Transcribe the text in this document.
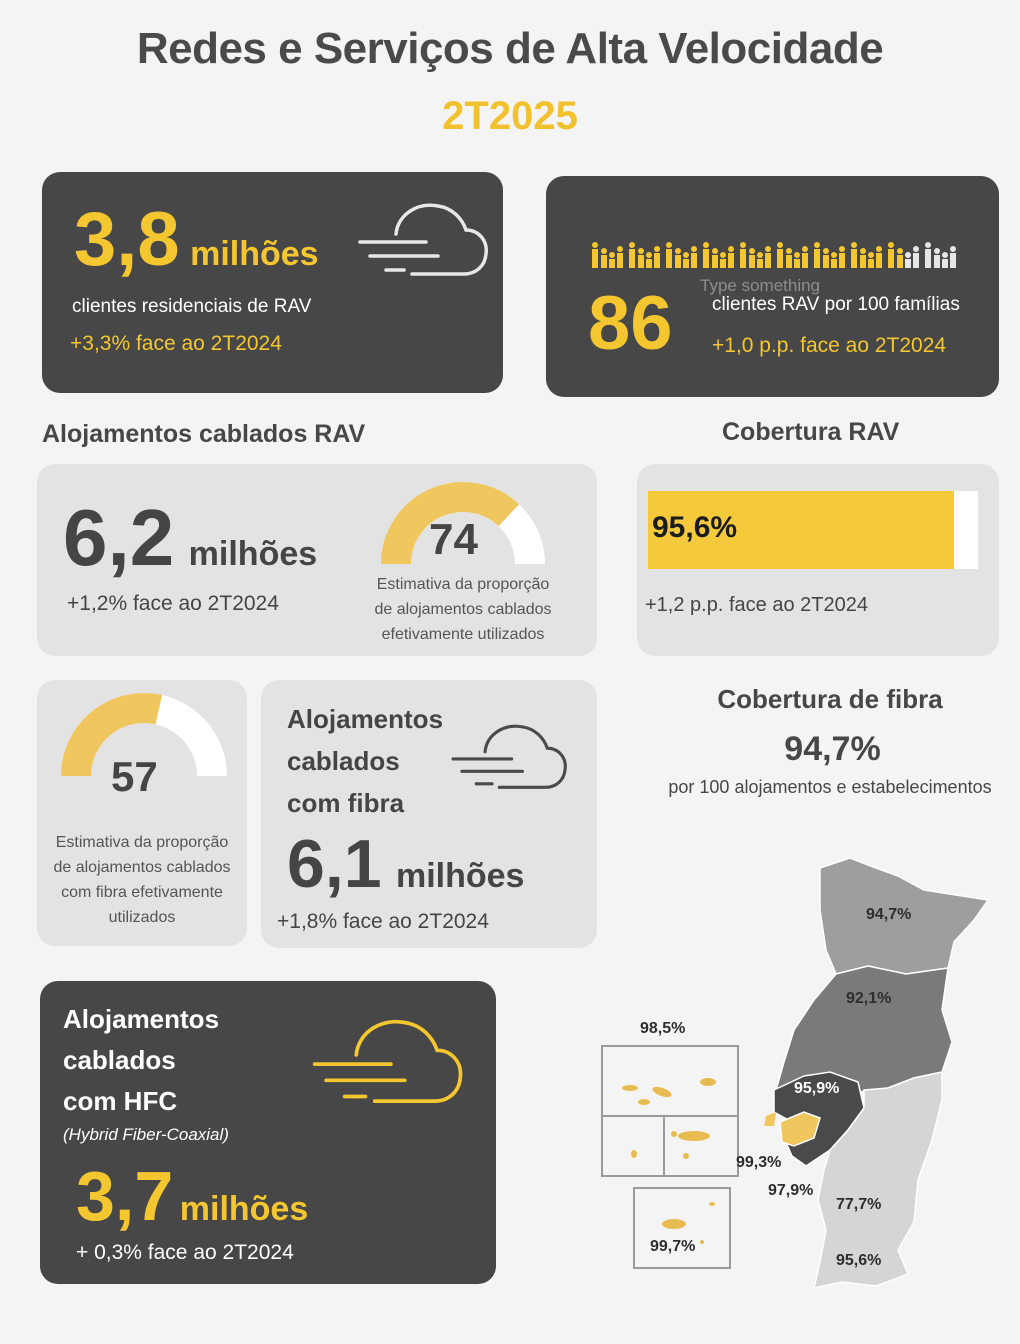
Redes e Serviços de Alta Velocidade
2T2025
3,8 milhões
clientes residenciais de RAV
+3,3% face ao 2T2024
Type something
86 clientes RAV por 100 famílias
+1,0 p.p. face ao 2T2024
Alojamentos cablados RAV	Cobertura RAV
6,2 milhões
+1,2% face ao 2T2024
74
Estimativa da proporção
de alojamentos cablados
efetivamente utilizados
95,6%
+1,2 p.p. face ao 2T2024
57
Estimativa da proporção
de alojamentos cablados
com fibra efetivamente
utilizados
Alojamentos
cablados
com fibra
6,1 milhões
+1,8% face ao 2T2024
Cobertura de fibra
94,7%
por 100 alojamentos e estabelecimentos
Alojamentos
cablados
com HFC
(Hybrid Fiber-Coaxial)
3,7 milhões
+ 0,3% face ao 2T2024
94,7%
92,1%
95,9%
99,3%
97,9%
77,7%
95,6%
98,5%
99,7%
